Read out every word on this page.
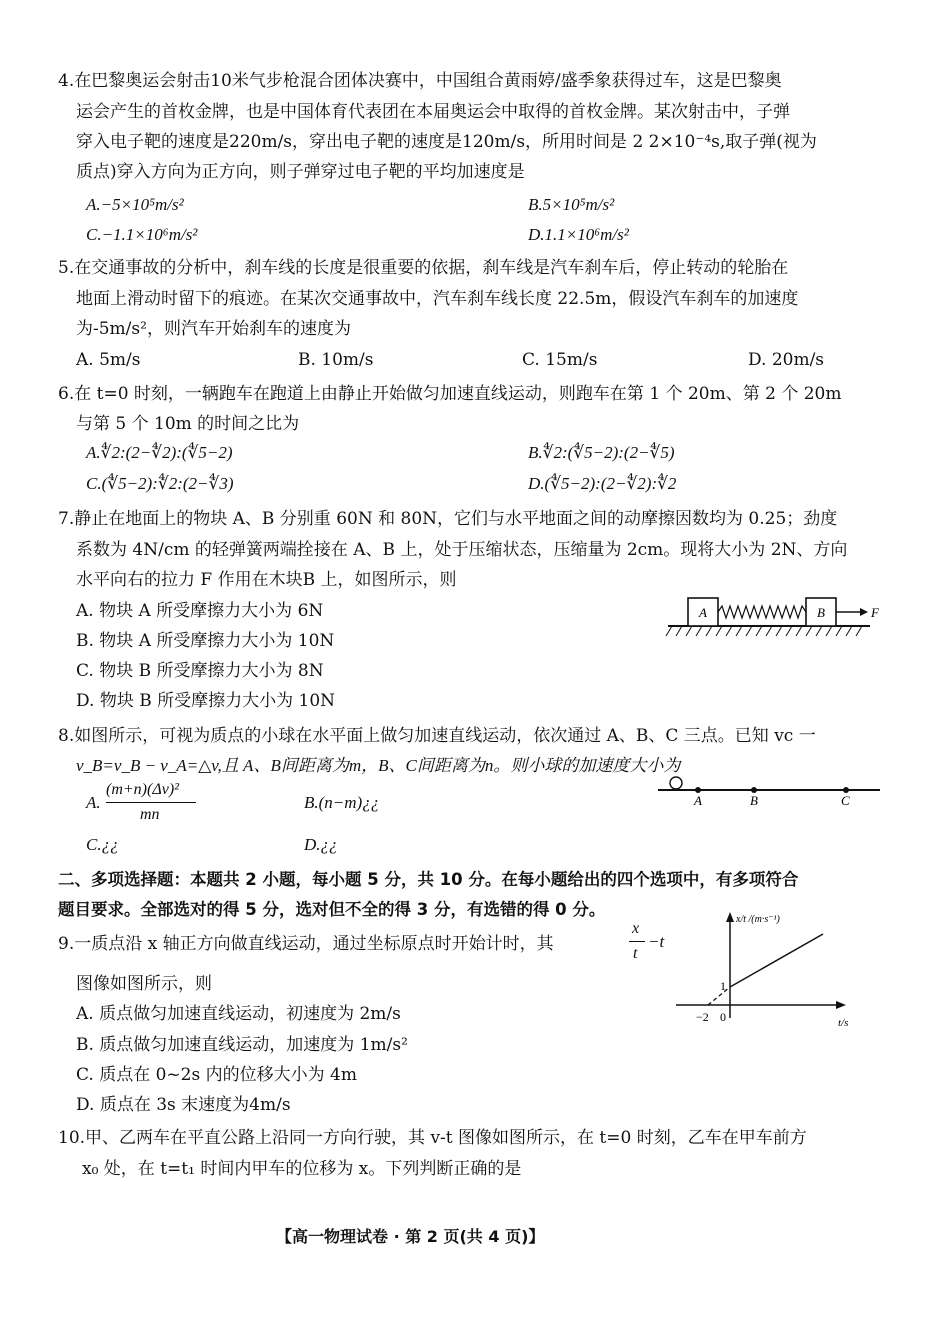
4.在巴黎奥运会射击10米气步枪混合团体决赛中，中国组合黄雨婷/盛季象获得过车，这是巴黎奥
运会产生的首枚金牌，也是中国体育代表团在本届奥运会中取得的首枚金牌。某次射击中，子弹
穿入电子靶的速度是220m/s，穿出电子靶的速度是120m/s，所用时间是 2 2×10⁻⁴s,取子弹(视为
质点)穿入方向为正方向，则子弹穿过电子靶的平均加速度是
A.−5×10⁵m/s²	B.5×10⁵m/s²
C.−1.1×10⁶m/s²	D.1.1×10⁶m/s²
5.在交通事故的分析中，刹车线的长度是很重要的依据，刹车线是汽车刹车后，停止转动的轮胎在
地面上滑动时留下的痕迹。在某次交通事故中，汽车刹车线长度 22.5m，假设汽车刹车的加速度
为-5m/s²，则汽车开始刹车的速度为
A. 5m/s	B. 10m/s	C. 15m/s	D. 20m/s
6.在 t=0 时刻，一辆跑车在跑道上由静止开始做匀加速直线运动，则跑车在第 1 个 20m、第 2 个 20m
与第 5 个 10m 的时间之比为
A.∜2:(2−∜2):(∜5−2)	B.∜2:(∜5−2):(2−∜5)
C.(∜5−2):∜2:(2−∜3)	D.(∜5−2):(2−∜2):∜2
7.静止在地面上的物块 A、B 分别重 60N 和 80N，它们与水平地面之间的动摩擦因数均为 0.25；劲度
系数为 4N/cm 的轻弹簧两端拴接在 A、B 上，处于压缩状态，压缩量为 2cm。现将大小为 2N、方向
水平向右的拉力 F 作用在木块B 上，如图所示，则
A. 物块 A 所受摩擦力大小为 6N
B. 物块 A 所受摩擦力大小为 10N
C. 物块 B 所受摩擦力大小为 8N
D. 物块 B 所受摩擦力大小为 10N
A	B	F
8.如图所示，可视为质点的小球在水平面上做匀加速直线运动，依次通过 A、B、C 三点。已知 vc 一
v_B=v_B − v_A=△v,且 A、B间距离为m，B、C间距离为n。则小球的加速度大小为
A.
(m+n)(Δv)²
mn
B.(n−m)¿¿
C.¿¿	D.¿¿
A	B	C
二、多项选择题：本题共 2 小题，每小题 5 分，共 10 分。在每小题给出的四个选项中，有多项符合
题目要求。全部选对的得 5 分，选对但不全的得 3 分，有选错的得 0 分。
9.一质点沿 x 轴正方向做直线运动，通过坐标原点时开始计时，其
x
t
−t
图像如图所示，则
A. 质点做匀加速直线运动，初速度为 2m/s
B. 质点做匀加速直线运动，加速度为 1m/s²
C. 质点在 0~2s 内的位移大小为 4m
D. 质点在 3s 末速度为4m/s
x/t /(m·s⁻¹)
t/s
1
0
−2
10.甲、乙两车在平直公路上沿同一方向行驶，其 v-t 图像如图所示，在 t=0 时刻，乙车在甲车前方
x₀ 处，在 t=t₁ 时间内甲车的位移为 x。下列判断正确的是
【高一物理试卷 · 第 2 页(共 4 页)】
